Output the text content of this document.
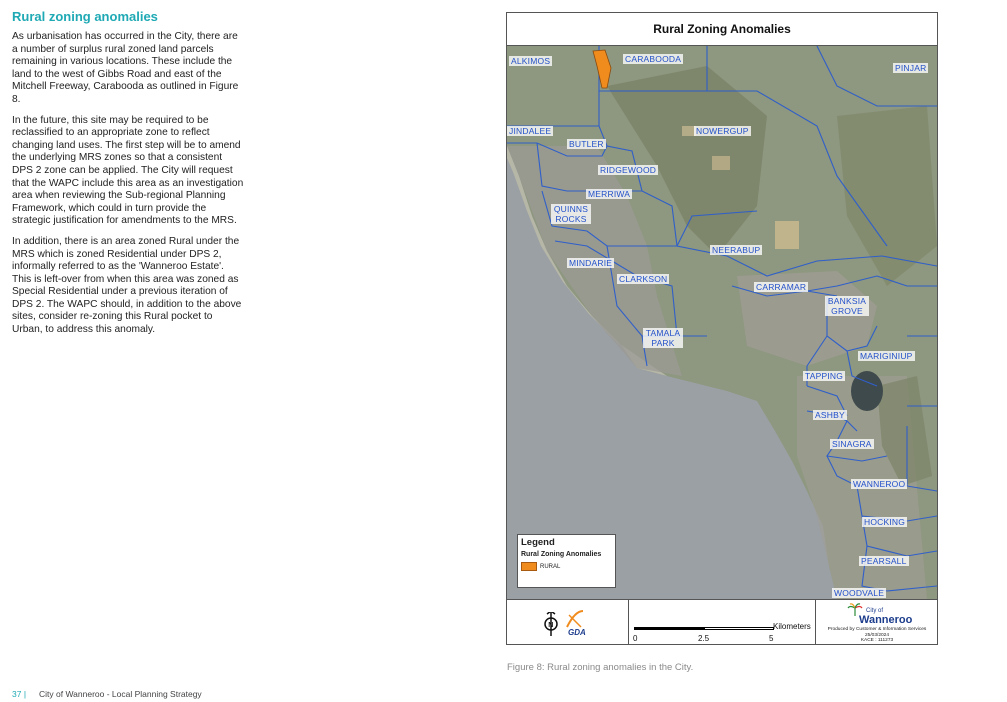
Rural zoning anomalies

As urbanisation has occurred in the City, there are a number of surplus rural zoned land parcels remaining in various locations. These include the land to the west of Gibbs Road and east of the Mitchell Freeway, Carabooda as outlined in Figure 8.

In the future, this site may be required to be reclassified to an appropriate zone to reflect changing land uses. The first step will be to amend the underlying MRS zones so that a consistent DPS 2 zone can be applied. The City will request that the WAPC include this area as an investigation area when reviewing the Sub-regional Planning Framework, which could in turn provide the strategic justification for amendments to the MRS.

In addition, there is an area zoned Rural under the MRS which is zoned Residential under DPS 2, informally referred to as the 'Wanneroo Estate'. This is left-over from when this area was zoned as Special Residential under a previous iteration of DPS 2. The WAPC should, in addition to the above sites, consider re-zoning this Rural pocket to Urban, to address this anomaly.

Rural Zoning Anomalies
ALKIMOS	CARABOODA
PINJAR
JINDALEE
BUTLER
NOWERGUP
RIDGEWOOD
MERRIWA
QUINNS ROCKS
NEERABUP
MINDARIE
CLARKSON
CARRAMAR
BANKSIA GROVE
TAMALA PARK
MARIGINIUP
TAPPING
ASHBY
SINAGRA
WANNEROO
HOCKING
PEARSALL
WOODVALE
Legend
Rural Zoning Anomalies
RURAL
N
GDA
0	2.5	5
Kilometers
City of
Wanneroo
Produced by Customer & Information Services
25/03/2024
KACE : 111273
Figure 8: Rural zoning anomalies in the City.
37 | City of Wanneroo - Local Planning Strategy
